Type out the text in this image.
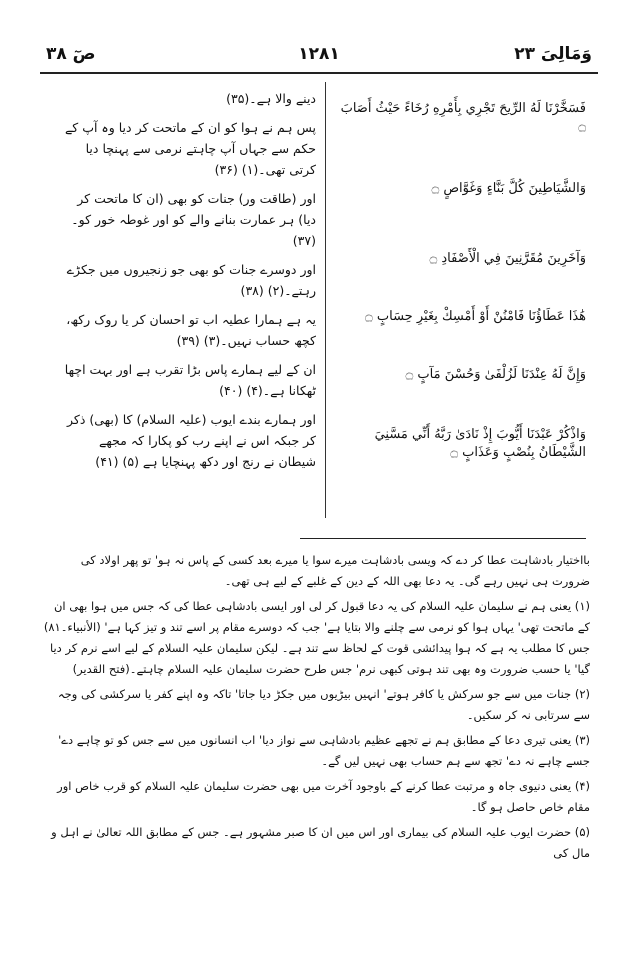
صٓ ۳۸	۱۲۸۱	وَمَالِیَ ۲۳

دینے والا ہے۔(۳۵)

پس ہم نے ہوا کو ان کے ماتحت کر دیا وہ آپ کے حکم سے جہاں آپ چاہتے نرمی سے پہنچا دیا کرتی تھی۔(۱) (۳۶)

اور (طاقت ور) جنات کو بھی (ان کا ماتحت کر دیا) ہر عمارت بنانے والے کو اور غوطہ خور کو۔(۳۷)

اور دوسرے جنات کو بھی جو زنجیروں میں جکڑے رہتے۔(۲) (۳۸)

یہ ہے ہمارا عطیہ اب تو احسان کر یا روک رکھ، کچھ حساب نہیں۔(۳) (۳۹)

ان کے لیے ہمارے پاس بڑا تقرب ہے اور بہت اچھا ٹھکانا ہے۔(۴) (۴۰)

اور ہمارے بندے ایوب (علیہ السلام) کا (بھی) ذکر کر جبکہ اس نے اپنے رب کو پکارا کہ مجھے شیطان نے رنج اور دکھ پہنچایا ہے (۵) (۴۱)

فَسَخَّرْنَا لَهُ الرِّيحَ تَجْرِي بِأَمْرِهِ رُخَاءً حَيْثُ أَصَابَ ۝

وَالشَّيَاطِينَ كُلَّ بَنَّاءٍ وَغَوَّاصٍ ۝

وَآخَرِينَ مُقَرَّنِينَ فِي الْأَصْفَادِ ۝

هَٰذَا عَطَاؤُنَا فَامْنُنْ أَوْ أَمْسِكْ بِغَيْرِ حِسَابٍ ۝

وَإِنَّ لَهُ عِنْدَنَا لَزُلْفَىٰ وَحُسْنَ مَآبٍ ۝

وَاذْكُرْ عَبْدَنَا أَيُّوبَ إِذْ نَادَىٰ رَبَّهُ أَنِّي مَسَّنِيَ الشَّيْطَانُ بِنُصْبٍ وَعَذَابٍ ۝

بااختیار بادشاہت عطا کر دے کہ ویسی بادشاہت میرے سوا یا میرے بعد کسی کے پاس نہ ہو' تو پھر اولاد کی ضرورت ہی نہیں رہے گی۔ یہ دعا بھی اللہ کے دین کے غلبے کے لیے ہی تھی۔

(۱) یعنی ہم نے سلیمان علیہ السلام کی یہ دعا قبول کر لی اور ایسی بادشاہی عطا کی کہ جس میں ہوا بھی ان کے ماتحت تھی' یہاں ہوا کو نرمی سے چلنے والا بتایا ہے' جب کہ دوسرے مقام پر اسے تند و تیز کہا ہے' (الأنبیاء۔۸۱) جس کا مطلب یہ ہے کہ ہوا پیدائشی قوت کے لحاظ سے تند ہے۔ لیکن سلیمان علیہ السلام کے لیے اسے نرم کر دیا گیا' یا حسب ضرورت وہ بھی تند ہوتی کبھی نرم' جس طرح حضرت سلیمان علیہ السلام چاہتے۔(فتح القدیر)

(۲) جنات میں سے جو سرکش یا کافر ہوتے' انہیں بیڑیوں میں جکڑ دیا جاتا' تاکہ وہ اپنے کفر یا سرکشی کی وجہ سے سرتابی نہ کر سکیں۔

(۳) یعنی تیری دعا کے مطابق ہم نے تجھے عظیم بادشاہی سے نواز دیا' اب انسانوں میں سے جس کو تو چاہے دے' جسے چاہے نہ دے' تجھ سے ہم حساب بھی نہیں لیں گے۔

(۴) یعنی دنیوی جاہ و مرتبت عطا کرنے کے باوجود آخرت میں بھی حضرت سلیمان علیہ السلام کو قرب خاص اور مقام خاص حاصل ہو گا۔

(۵) حضرت ایوب علیہ السلام کی بیماری اور اس میں ان کا صبر مشہور ہے۔ جس کے مطابق اللہ تعالیٰ نے اہل و مال کی
